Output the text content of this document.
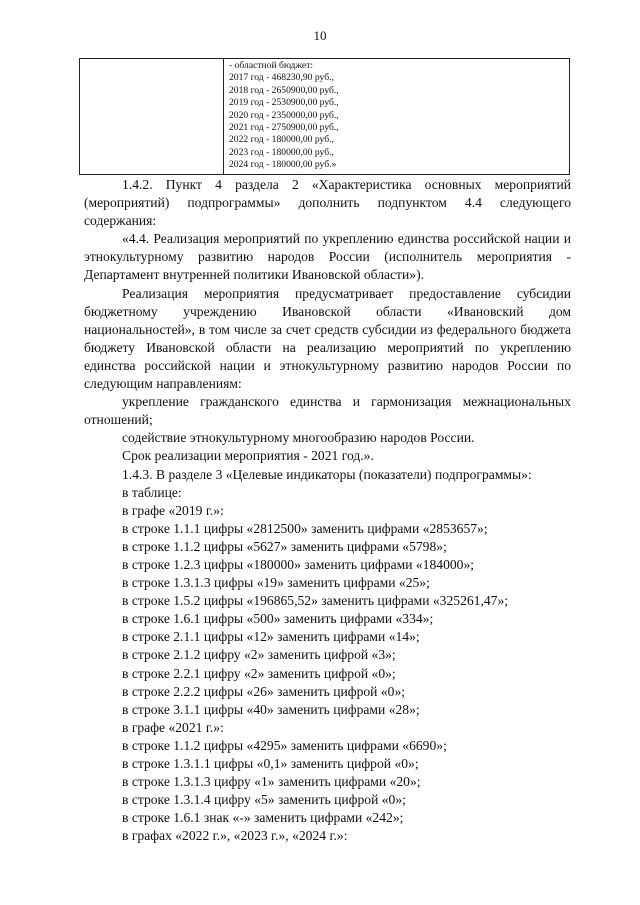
10
- областной бюджет:
2017 год - 468230,90 руб.,
2018 год - 2650900,00 руб.,
2019 год - 2530900,00 руб.,
2020 год - 2350000,00 руб.,
2021 год - 2750900,00 руб.,
2022 год - 180000,00 руб.,
2023 год - 180000,00 руб.,
2024 год - 180000,00 руб.»

1.4.2. Пункт 4 раздела 2 «Характеристика основных мероприятий (мероприятий) подпрограммы» дополнить подпунктом 4.4 следующего содержания:

«4.4. Реализация мероприятий по укреплению единства российской нации и этнокультурному развитию народов России (исполнитель мероприятия - Департамент внутренней политики Ивановской области»).

Реализация мероприятия предусматривает предоставление субсидии бюджетному учреждению Ивановской области «Ивановский дом национальностей», в том числе за счет средств субсидии из федерального бюджета бюджету Ивановской области на реализацию мероприятий по укреплению единства российской нации и этнокультурному развитию народов России по следующим направлениям:

укрепление гражданского единства и гармонизация межнациональных отношений;

содействие этнокультурному многообразию народов России.

Срок реализации мероприятия - 2021 год.».

1.4.3. В разделе 3 «Целевые индикаторы (показатели) подпрограммы»:

в таблице:

в графе «2019 г.»:

в строке 1.1.1 цифры «2812500» заменить цифрами «2853657»;

в строке 1.1.2 цифры «5627» заменить цифрами «5798»;

в строке 1.2.3 цифры «180000» заменить цифрами «184000»;

в строке 1.3.1.3 цифры «19» заменить цифрами «25»;

в строке 1.5.2 цифры «196865,52» заменить цифрами «325261,47»;

в строке 1.6.1 цифры «500» заменить цифрами «334»;

в строке 2.1.1 цифры «12» заменить цифрами «14»;

в строке 2.1.2 цифру «2» заменить цифрой «3»;

в строке 2.2.1 цифру «2» заменить цифрой «0»;

в строке 2.2.2 цифры «26» заменить цифрой «0»;

в строке 3.1.1 цифры «40» заменить цифрами «28»;

в графе «2021 г.»:

в строке 1.1.2 цифры «4295» заменить цифрами «6690»;

в строке 1.3.1.1 цифры «0,1» заменить цифрой «0»;

в строке 1.3.1.3 цифру «1» заменить цифрами «20»;

в строке 1.3.1.4 цифру «5» заменить цифрой «0»;

в строке 1.6.1 знак «-» заменить цифрами «242»;

в графах «2022 г.», «2023 г.», «2024 г.»:
